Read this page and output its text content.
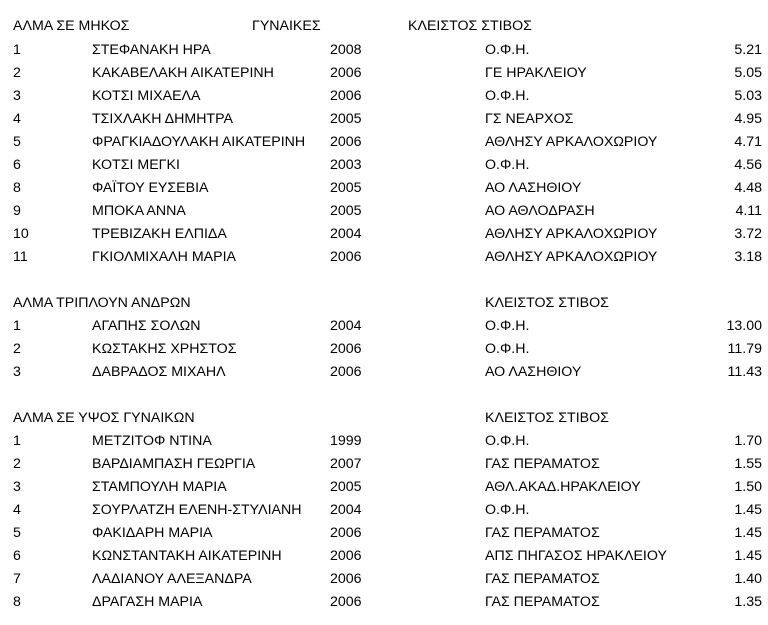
ΑΛΜΑ ΣΕ ΜΗΚΟΣ	ΓΥΝΑΙΚΕΣ	ΚΛΕΙΣΤΟΣ ΣΤΙΒΟΣ
1	ΣΤΕΦΑΝΑΚΗ ΗΡΑ	2008	Ο.Φ.Η.	5.21
2	ΚΑΚΑΒΕΛΑΚΗ ΑΙΚΑΤΕΡΙΝΗ	2006	ΓΕ ΗΡΑΚΛΕΙΟΥ	5.05
3	ΚΟΤΣΙ ΜΙΧΑΕΛΑ	2006	Ο.Φ.Η.	5.03
4	ΤΣΙΧΛΑΚΗ ΔΗΜΗΤΡΑ	2005	ΓΣ ΝΕΑΡΧΟΣ	4.95
5	ΦΡΑΓΚΙΑΔΟΥΛΑΚΗ ΑΙΚΑΤΕΡΙΝΗ 2006	ΑΘΛΗΣΥ ΑΡΚΑΛΟΧΩΡΙΟΥ	4.71
6	ΚΟΤΣΙ ΜΕΓΚΙ	2003	Ο.Φ.Η.	4.56
8	ΦΑΪΤΟΥ ΕΥΣΕΒΙΑ	2005	ΑΟ ΛΑΣΗΘΙΟΥ	4.48
9	ΜΠΟΚΑ ΑΝΝΑ	2005	ΑΟ ΑΘΛΟΔΡΑΣΗ	4.11
10	ΤΡΕΒΙΖΑΚΗ ΕΛΠΙΔΑ	2004	ΑΘΛΗΣΥ ΑΡΚΑΛΟΧΩΡΙΟΥ	3.72
11	ΓΚΙΟΛΜΙΧΑΛΗ ΜΑΡΙΑ	2006	ΑΘΛΗΣΥ ΑΡΚΑΛΟΧΩΡΙΟΥ	3.18
ΑΛΜΑ ΤΡΙΠΛΟΥΝ ΑΝΔΡΩΝ	ΚΛΕΙΣΤΟΣ ΣΤΙΒΟΣ
1	ΑΓΑΠΗΣ ΣΟΛΩΝ	2004	Ο.Φ.Η.	13.00
2	ΚΩΣΤΑΚΗΣ ΧΡΗΣΤΟΣ	2006	Ο.Φ.Η.	11.79
3	ΔΑΒΡΑΔΟΣ ΜΙΧΑΗΛ	2006	ΑΟ ΛΑΣΗΘΙΟΥ	11.43
ΑΛΜΑ ΣΕ ΥΨΟΣ ΓΥΝΑΙΚΩΝ	ΚΛΕΙΣΤΟΣ ΣΤΙΒΟΣ
1	ΜΕΤΖΙΤΟΦ ΝΤΙΝΑ	1999	Ο.Φ.Η.	1.70
2	ΒΑΡΔΙΑΜΠΑΣΗ ΓΕΩΡΓΙΑ	2007	ΓΑΣ ΠΕΡΑΜΑΤΟΣ	1.55
3	ΣΤΑΜΠΟΥΛΗ ΜΑΡΙΑ	2005	ΑΘΛ.ΑΚΑΔ.ΗΡΑΚΛΕΙΟΥ	1.50
4	ΣΟΥΡΛΑΤΖΗ ΕΛΕΝΗ-ΣΤΥΛΙΑΝΗ 2004	Ο.Φ.Η.	1.45
5	ΦΑΚΙΔΑΡΗ ΜΑΡΙΑ	2006	ΓΑΣ ΠΕΡΑΜΑΤΟΣ	1.45
6	ΚΩΝΣΤΑΝΤΑΚΗ ΑΙΚΑΤΕΡΙΝΗ	2006	ΑΠΣ ΠΗΓΑΣΟΣ ΗΡΑΚΛΕΙΟΥ	1.45
7	ΛΑΔΙΑΝΟΥ ΑΛΕΞΑΝΔΡΑ	2006	ΓΑΣ ΠΕΡΑΜΑΤΟΣ	1.40
8	ΔΡΑΓΑΣΗ ΜΑΡΙΑ	2006	ΓΑΣ ΠΕΡΑΜΑΤΟΣ	1.35
